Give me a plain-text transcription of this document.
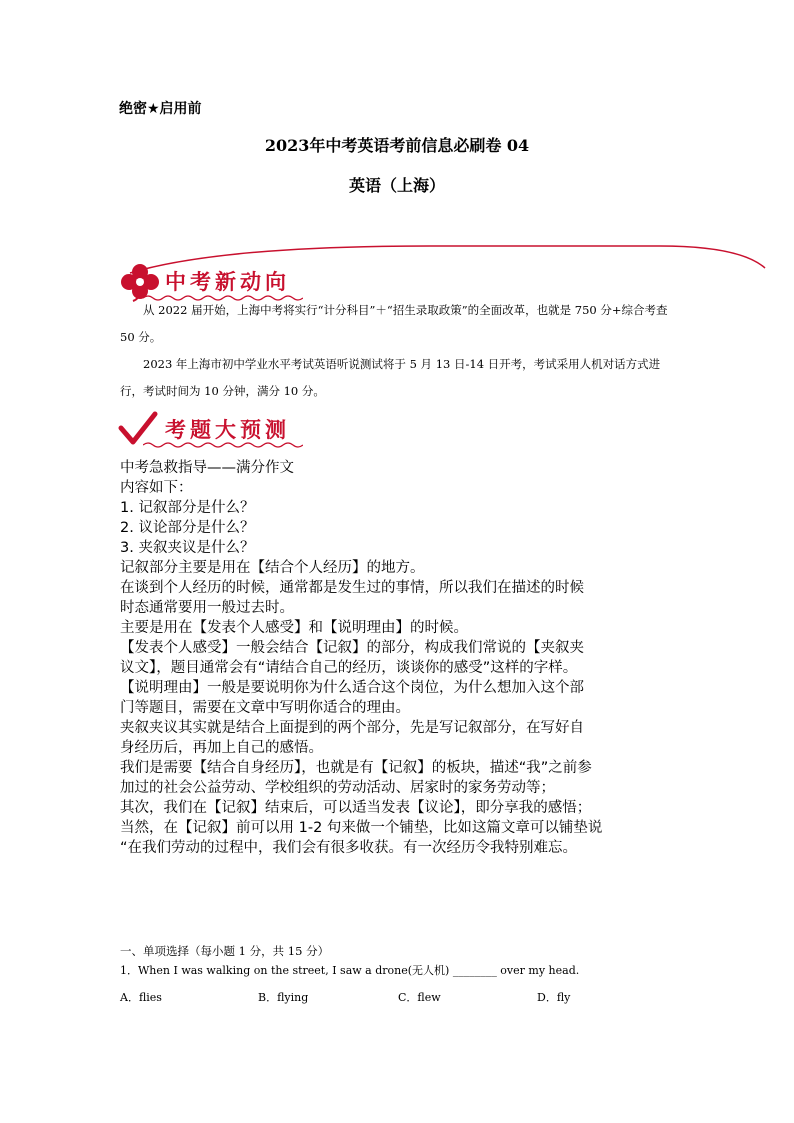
绝密★启用前
2023年中考英语考前信息必刷卷 04
英语（上海）
中考新动向
从 2022 届开始，上海中考将实行“计分科目”＋“招生录取政策”的全面改革，也就是 750 分+综合考查 50 分。
2023 年上海市初中学业水平考试英语听说测试将于 5 月 13 日-14 日开考，考试采用人机对话方式进行，考试时间为 10 分钟，满分 10 分。
考题大预测
中考急救指导——满分作文
内容如下：
1. 记叙部分是什么？
2. 议论部分是什么？
3. 夹叙夹议是什么？
记叙部分主要是用在【结合个人经历】的地方。
在谈到个人经历的时候，通常都是发生过的事情，所以我们在描述的时候
时态通常要用一般过去时。
主要是用在【发表个人感受】和【说明理由】的时候。
【发表个人感受】一般会结合【记叙】的部分，构成我们常说的【夹叙夹
议文】，题目通常会有“请结合自己的经历，谈谈你的感受”这样的字样。
【说明理由】一般是要说明你为什么适合这个岗位，为什么想加入这个部
门等题目，需要在文章中写明你适合的理由。
夹叙夹议其实就是结合上面提到的两个部分，先是写记叙部分，在写好自
身经历后，再加上自己的感悟。
我们是需要【结合自身经历】，也就是有【记叙】的板块，描述“我”之前参
加过的社会公益劳动、学校组织的劳动活动、居家时的家务劳动等；
其次，我们在【记叙】结束后，可以适当发表【议论】，即分享我的感悟；
当然，在【记叙】前可以用 1-2 句来做一个铺垫，比如这篇文章可以铺垫说
“在我们劳动的过程中，我们会有很多收获。有一次经历令我特别难忘。
一、单项选择（每小题 1 分，共 15 分）
1．When I was walking on the street, I saw a drone(无人机) ________ over my head.
A．flies	B．flying	C．flew	D．fly
